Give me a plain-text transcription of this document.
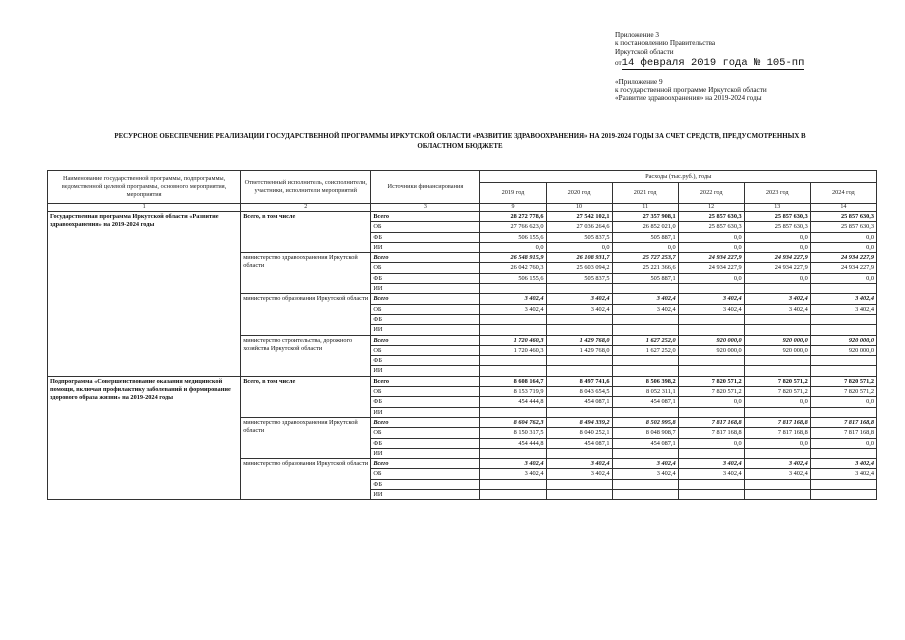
Приложение 3
к постановлению Правительства
Иркутской области
от14 февраля 2019 года № 105-пп
«Приложение 9
к государственной программе Иркутской области
«Развитие здравоохранения» на 2019-2024 годы
РЕСУРСНОЕ ОБЕСПЕЧЕНИЕ РЕАЛИЗАЦИИ ГОСУДАРСТВЕННОЙ ПРОГРАММЫ ИРКУТСКОЙ ОБЛАСТИ «РАЗВИТИЕ ЗДРАВООХРАНЕНИЯ» НА 2019-2024 ГОДЫ ЗА СЧЕТ СРЕДСТВ, ПРЕДУСМОТРЕННЫХ В
ОБЛАСТНОМ БЮДЖЕТЕ
Наименование государственной программы, подпрограммы, ведомственной целевой программы, основного мероприятия, мероприятия	Ответственный исполнитель, соисполнители, участники, исполнители мероприятий	Источники финансирования	Расходы (тыс.руб.), годы					
			2019 год	2020 год	2021 год	2022 год	2023 год	2024 год
1	2	3	9	10	11	12	13	14
Государственная программа Иркутской области «Развитие здравоохранения» на 2019-2024 годы	Всего, в том числе	Всего	28 272 778,6	27 542 102,1	27 357 908,1	25 857 630,3	25 857 630,3	25 857 630,3
		ОБ	27 766 623,0	27 036 264,6	26 852 021,0	25 857 630,3	25 857 630,3	25 857 630,3
		ФБ	506 155,6	505 837,5	505 887,1	0,0	0,0	0,0
		ИИ	0,0	0,0	0,0	0,0	0,0	0,0
	министерство здравоохранения Иркутской области	Всего	26 548 915,9	26 108 931,7	25 727 253,7	24 934 227,9	24 934 227,9	24 934 227,9
		ОБ	26 042 760,3	25 603 094,2	25 221 366,6	24 934 227,9	24 934 227,9	24 934 227,9
		ФБ	506 155,6	505 837,5	505 887,1	0,0	0,0	0,0
		ИИ						
	министерство образования Иркутской области	Всего	3 402,4	3 402,4	3 402,4	3 402,4	3 402,4	3 402,4
		ОБ	3 402,4	3 402,4	3 402,4	3 402,4	3 402,4	3 402,4
		ФБ						
		ИИ						
	министерство строительства, дорожного хозяйства Иркутской области	Всего	1 720 460,3	1 429 768,0	1 627 252,0	920 000,0	920 000,0	920 000,0
		ОБ	1 720 460,3	1 429 768,0	1 627 252,0	920 000,0	920 000,0	920 000,0
		ФБ						
		ИИ						
Подпрограмма «Совершенствование оказания медицинской помощи, включая профилактику заболеваний и формирование здорового образа жизни» на 2019-2024 годы	Всего, в том числе	Всего	8 608 164,7	8 497 741,6	8 506 398,2	7 820 571,2	7 820 571,2	7 820 571,2
		ОБ	8 153 719,9	8 043 654,5	8 052 311,1	7 820 571,2	7 820 571,2	7 820 571,2
		ФБ	454 444,8	454 087,1	454 087,1	0,0	0,0	0,0
		ИИ						
	министерство здравоохранения Иркутской области	Всего	8 604 762,3	8 494 339,2	8 502 995,8	7 817 168,8	7 817 168,8	7 817 168,8
		ОБ	8 150 317,5	8 040 252,1	8 048 908,7	7 817 168,8	7 817 168,8	7 817 168,8
		ФБ	454 444,8	454 087,1	454 087,1	0,0	0,0	0,0
		ИИ						
	министерство образования Иркутской области	Всего	3 402,4	3 402,4	3 402,4	3 402,4	3 402,4	3 402,4
		ОБ	3 402,4	3 402,4	3 402,4	3 402,4	3 402,4	3 402,4
		ФБ						
		ИИ						
